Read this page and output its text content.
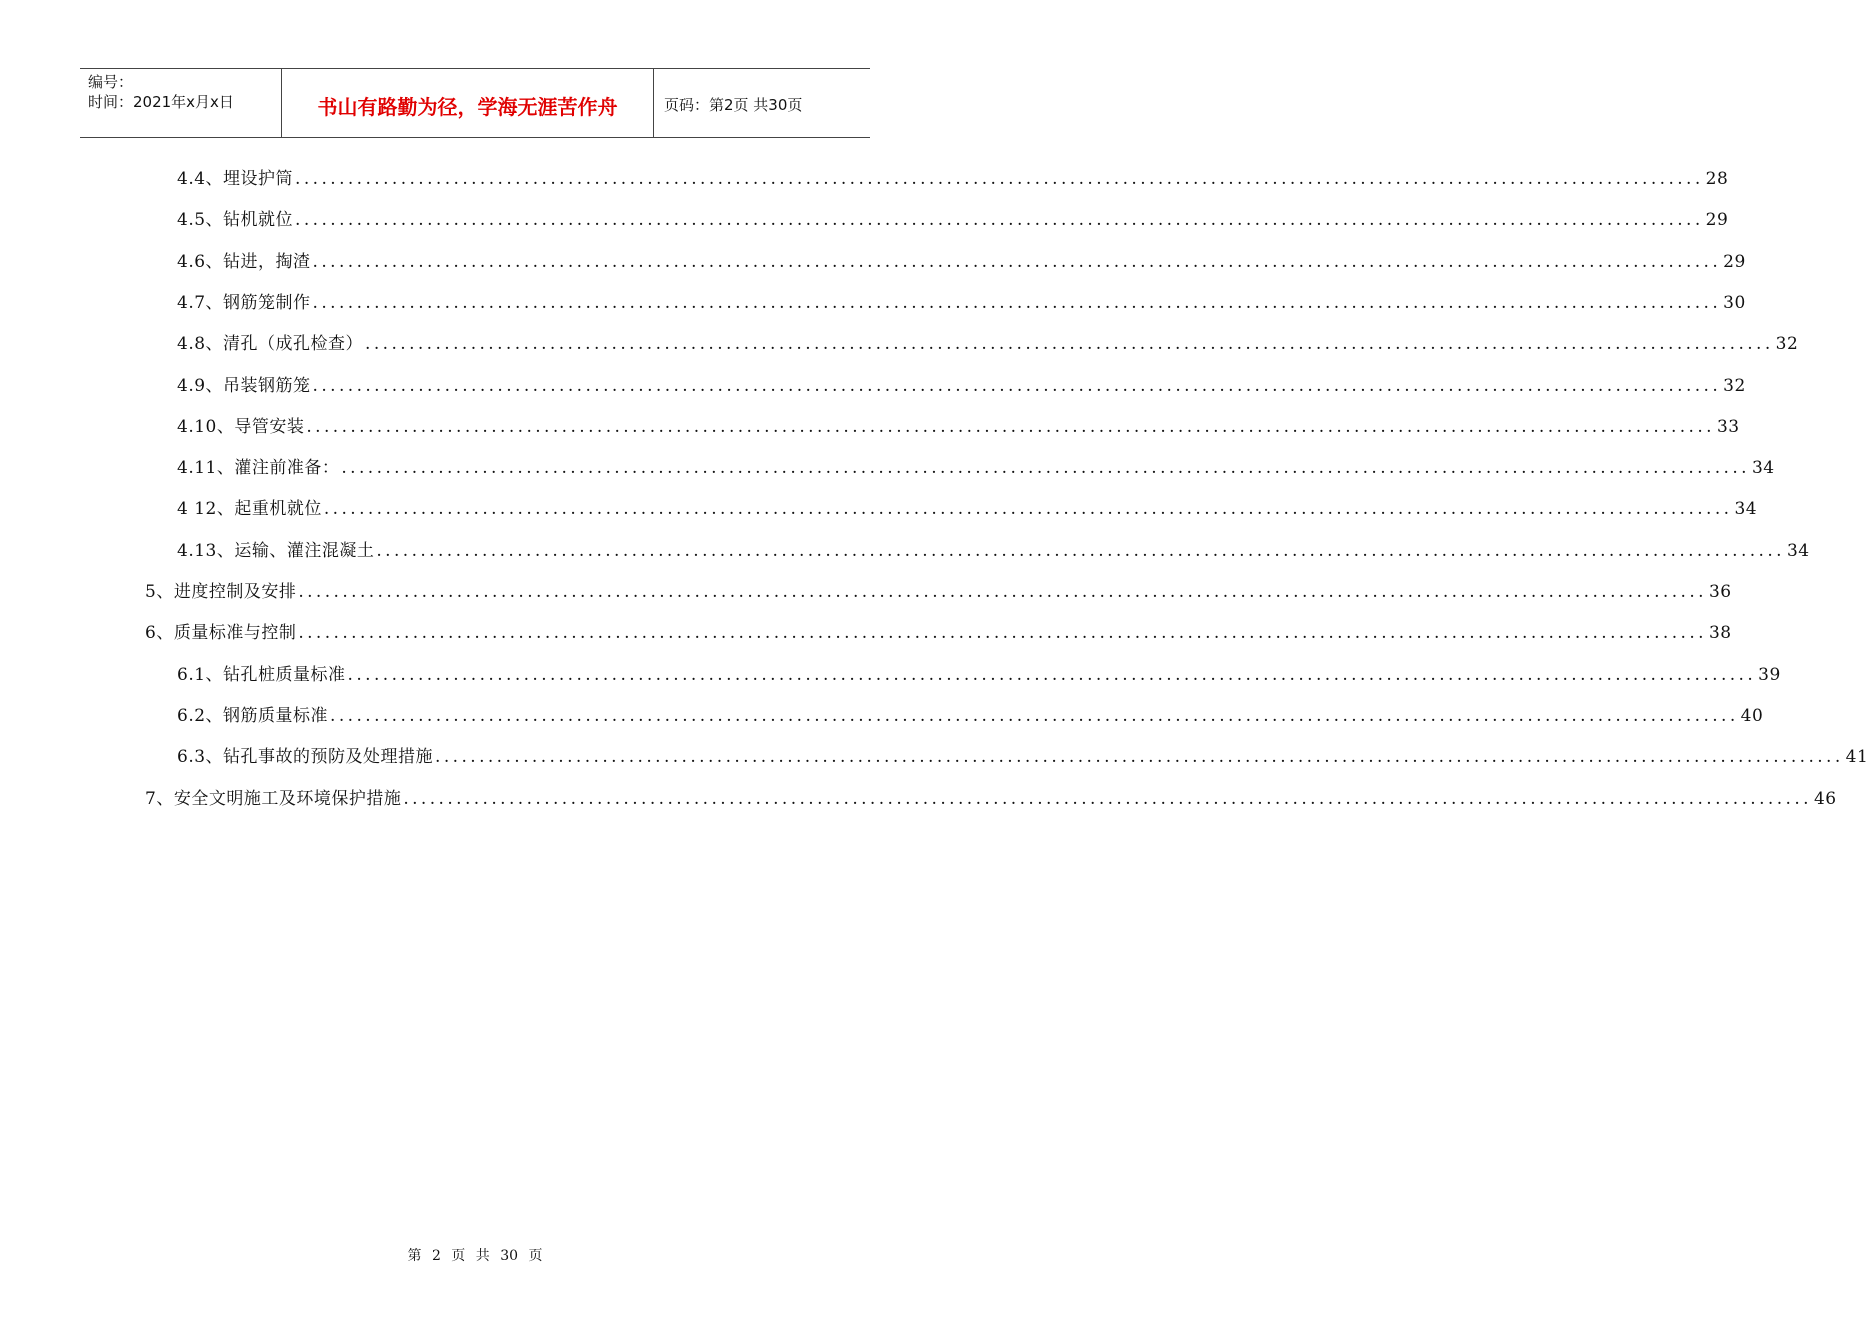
编号：
时间：2021年x月x日	书山有路勤为径，学海无涯苦作舟	页码：第2页 共30页
4.4、埋设护筒 ................................................................................................................................................................ 28
4.5、钻机就位 ................................................................................................................................................................ 29
4.6、钻进，掏渣 ................................................................................................................................................................ 29
4.7、钢筋笼制作 ................................................................................................................................................................ 30
4.8、清孔（成孔检查） ................................................................................................................................................................ 32
4.9、吊装钢筋笼 ................................................................................................................................................................ 32
4.10、导管安装 ................................................................................................................................................................ 33
4.11、灌注前准备： ................................................................................................................................................................ 34
4 12、起重机就位 ................................................................................................................................................................ 34
4.13、运输、灌注混凝土 ................................................................................................................................................................ 34
5、进度控制及安排 ................................................................................................................................................................ 36
6、质量标准与控制 ................................................................................................................................................................ 38
6.1、钻孔桩质量标准 ................................................................................................................................................................ 39
6.2、钢筋质量标准 ................................................................................................................................................................ 40
6.3、钻孔事故的预防及处理措施 ................................................................................................................................................................ 41
7、安全文明施工及环境保护措施 ................................................................................................................................................................ 46
第 2 页 共 30 页
